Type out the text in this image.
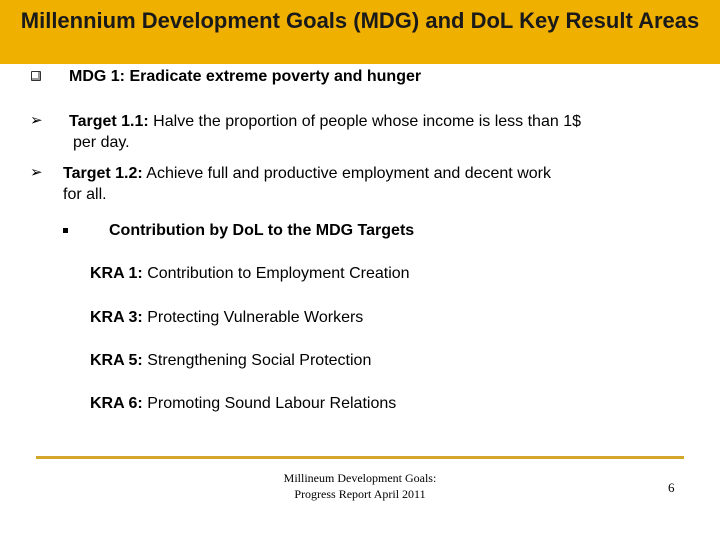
Millennium Development Goals (MDG) and DoL Key Result Areas
MDG 1: Eradicate extreme poverty and hunger
➢ Target 1.1: Halve the proportion of people whose income is less than 1$
per day.
➢ Target 1.2: Achieve full and productive employment and decent work
for all.
Contribution by DoL to the MDG Targets
KRA 1: Contribution to Employment Creation
KRA 3: Protecting Vulnerable Workers
KRA 5: Strengthening Social Protection
KRA 6: Promoting Sound Labour Relations
Millineum Development Goals:
Progress Report April 2011	6
